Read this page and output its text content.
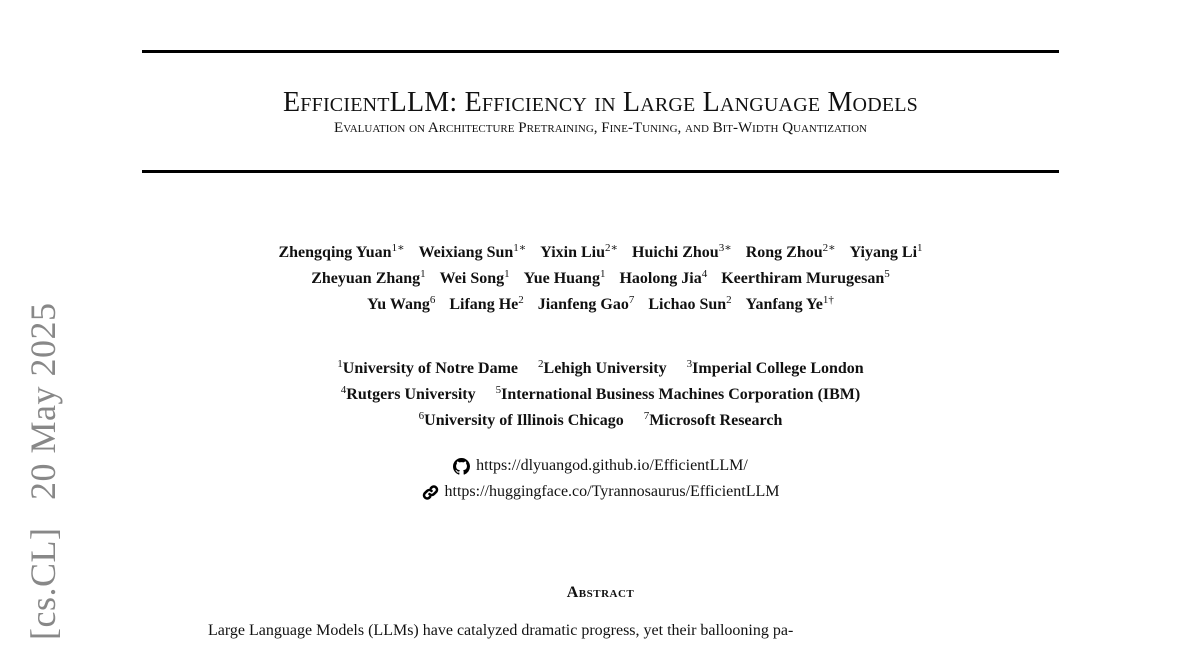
EfficientLLM: Efficiency in Large Language Models
Evaluation on Architecture Pretraining, Fine-Tuning, and Bit-Width Quantization
Zhengqing Yuan$^{1∗}$ Weixiang Sun$^{1∗}$ Yixin Liu$^{2∗}$ Huichi Zhou$^{3∗}$ Rong Zhou$^{2∗}$ Yiyang Li$^1$
Zheyuan Zhang$^1$ Wei Song$^1$ Yue Huang$^1$ Haolong Jia$^4$ Keerthiram Murugesan$^5$
Yu Wang$^6$ Lifang He$^2$ Jianfeng Gao$^7$ Lichao Sun$^2$ Yanfang $Ye^{1\dagger}$
$^1$University of Notre Dame $^2$Lehigh University $^3$Imperial College London
$^4$Rutgers University $^5$International Business Machines Corporation (IBM)
$^6$University of Illinois Chicago $^7$Microsoft Research
https://dlyuangod.github.io/EfficientLLM/
https://huggingface.co/Tyrannosaurus/EfficientLLM
Abstract
Large Language Models (LLMs) have catalyzed dramatic progress, yet their ballooning pa-
[cs.CL] 20 May 2025
